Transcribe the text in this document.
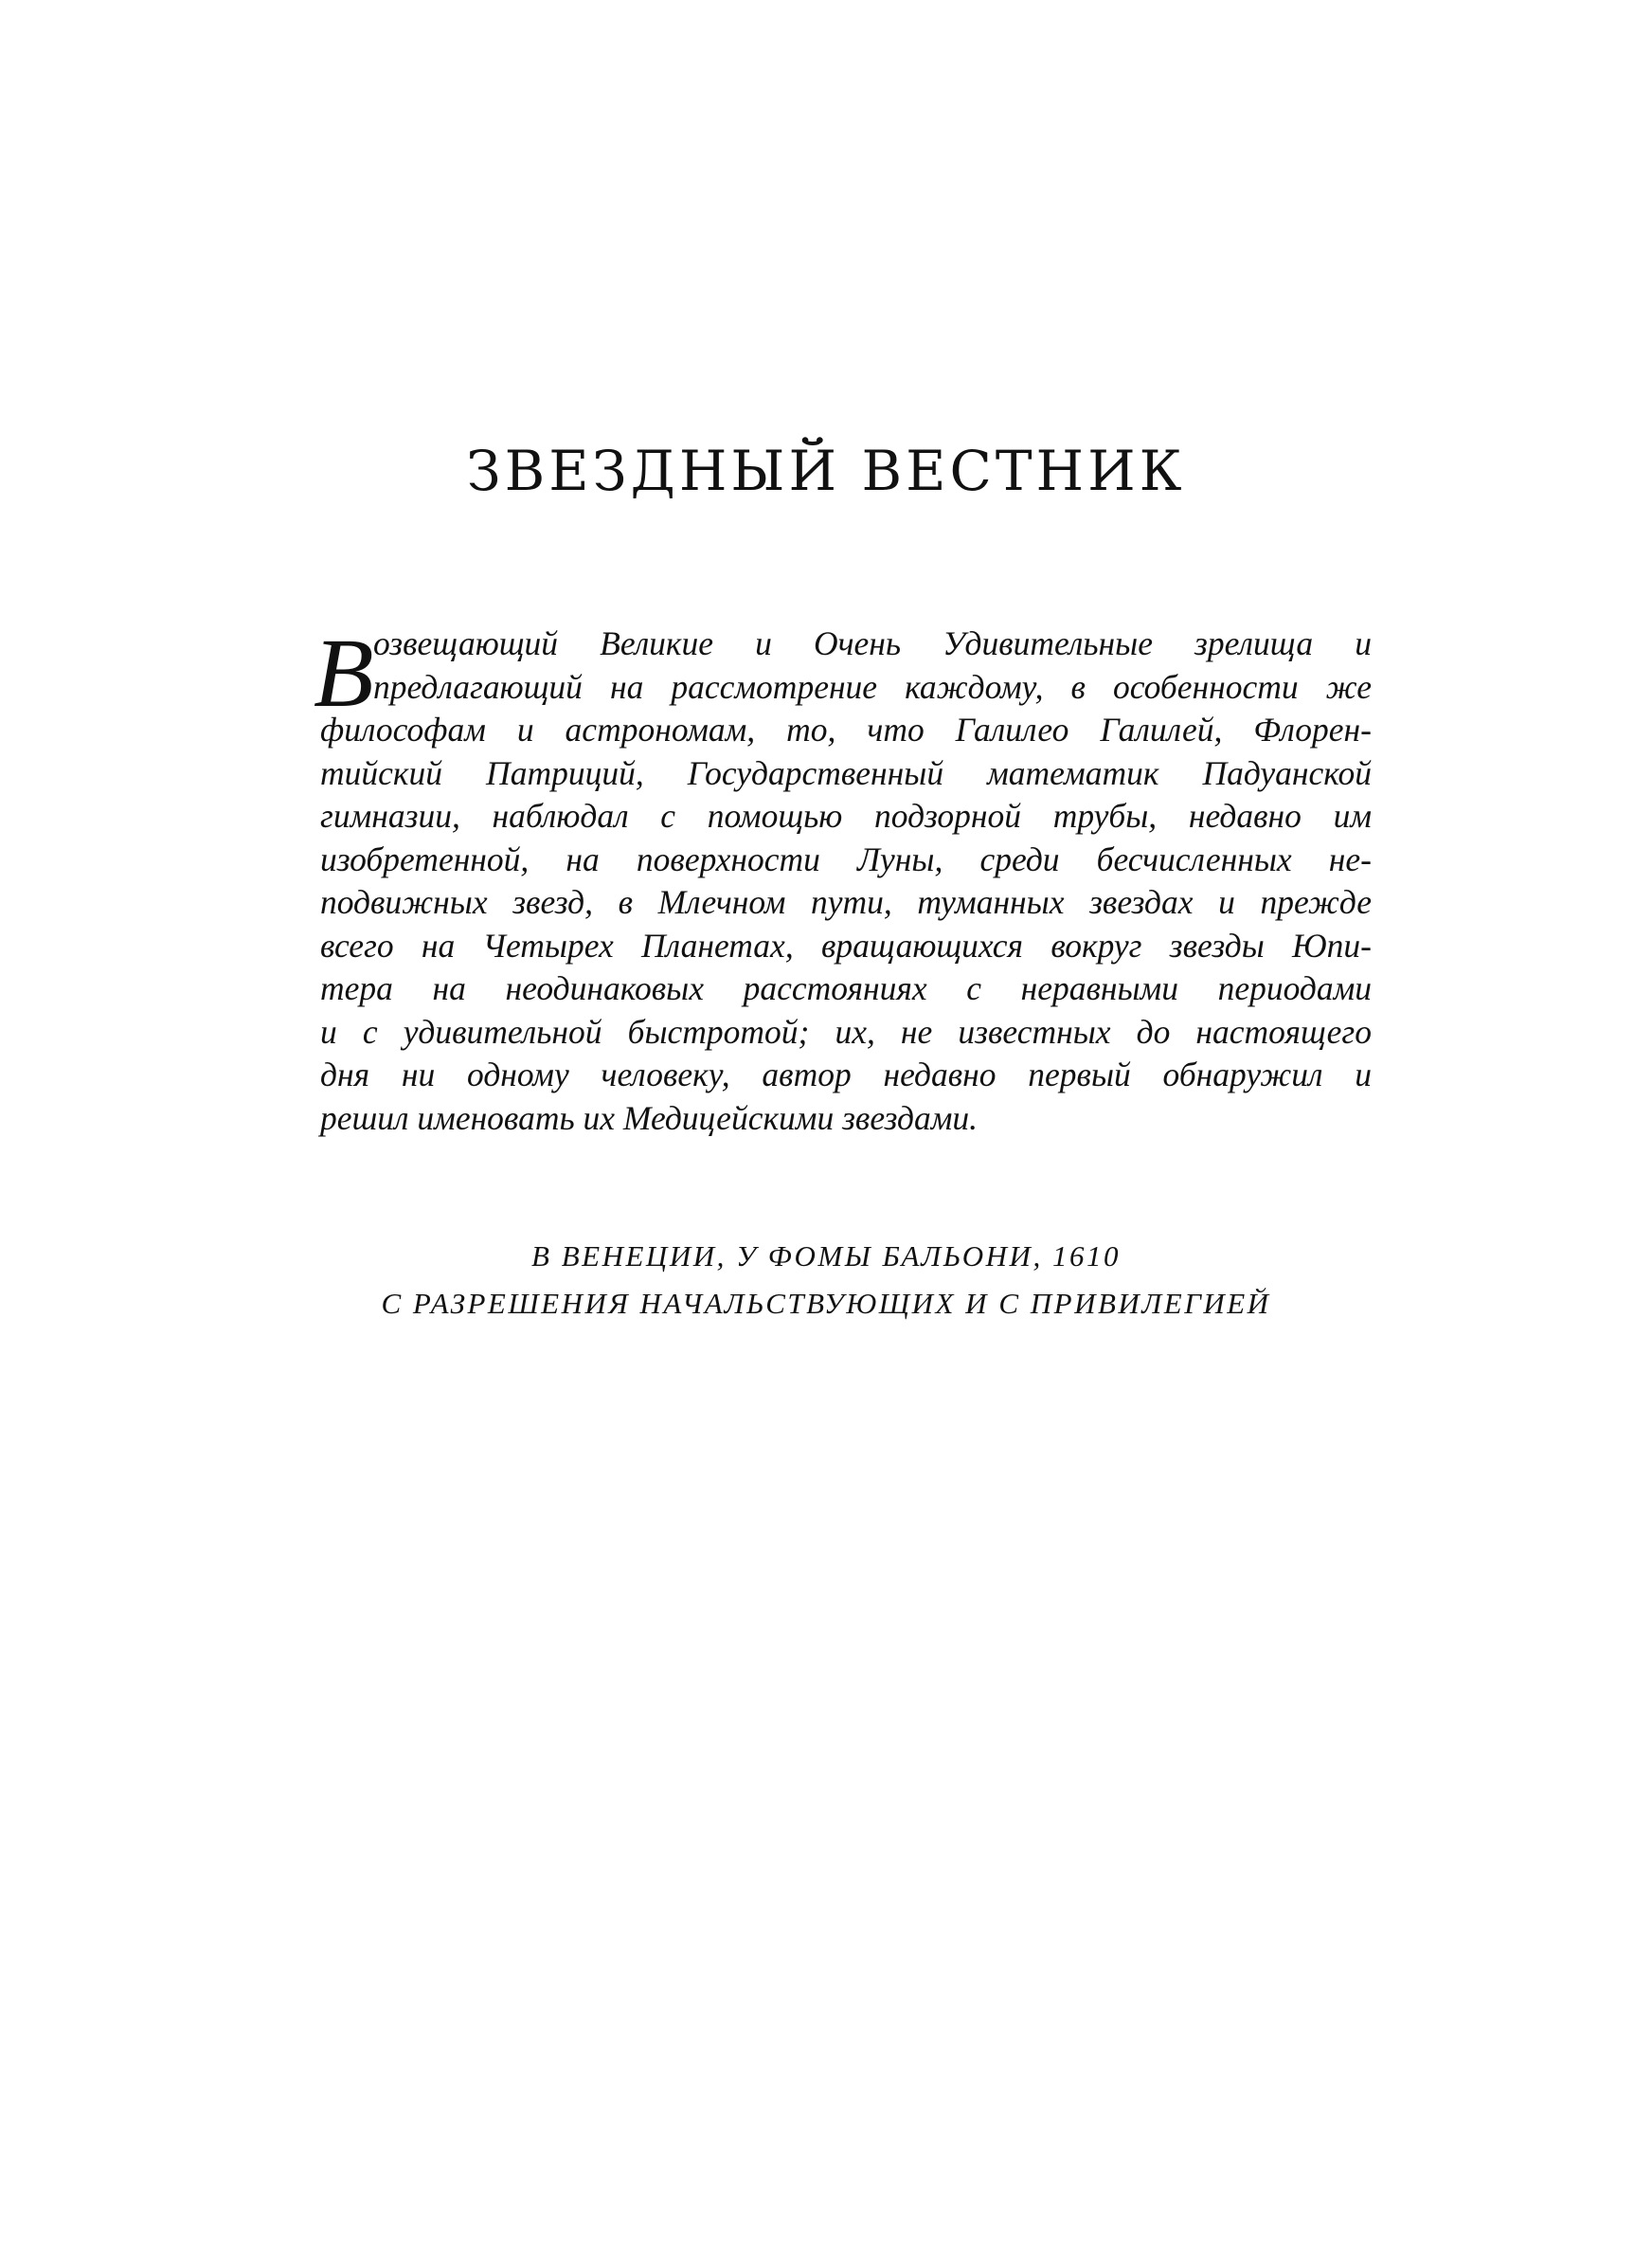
ЗВЕЗДНЫЙ ВЕСТНИК
В озвещающий Великие и Очень Удивительные зрелища и
предлагающий на рассмотрение каждому, в особенности же
философам и астрономам, то, что Галилео Галилей, Флорен-
тийский Патриций, Государственный математик Падуанской
гимназии, наблюдал с помощью подзорной трубы, недавно им
изобретенной, на поверхности Луны, среди бесчисленных не-
подвижных звезд, в Млечном пути, туманных звездах и прежде
всего на Четырех Планетах, вращающихся вокруг звезды Юпи-
тера на неодинаковых расстояниях с неравными периодами
и с удивительной быстротой; их, не известных до настоящего
дня ни одному человеку, автор недавно первый обнаружил и
решил именовать их Медицейскими звездами.
В ВЕНЕЦИИ, У ФОМЫ БАЛЬОНИ, 1610
С РАЗРЕШЕНИЯ НАЧАЛЬСТВУЮЩИХ И С ПРИВИЛЕГИЕЙ
